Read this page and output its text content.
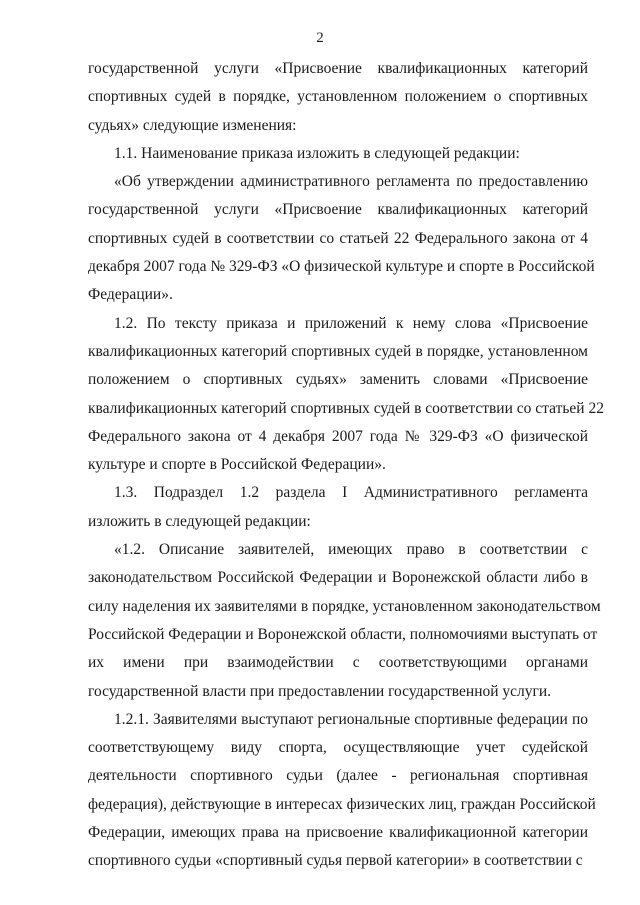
2
государственной услуги «Присвоение квалификационных категорий
спортивных судей в порядке, установленном положением о спортивных
судьях» следующие изменения:
1.1. Наименование приказа изложить в следующей редакции:
«Об утверждении административного регламента по предоставлению
государственной услуги «Присвоение квалификационных категорий
спортивных судей в соответствии со статьей 22 Федерального закона от 4
декабря 2007 года № 329-ФЗ «О физической культуре и спорте в Российской
Федерации».
1.2. По тексту приказа и приложений к нему слова «Присвоение
квалификационных категорий спортивных судей в порядке, установленном
положением о спортивных судьях» заменить словами «Присвоение
квалификационных категорий спортивных судей в соответствии со статьей 22
Федерального закона от 4 декабря 2007 года № 329-ФЗ «О физической
культуре и спорте в Российской Федерации».
1.3. Подраздел 1.2 раздела I Административного регламента
изложить в следующей редакции:
«1.2. Описание заявителей, имеющих право в соответствии с
законодательством Российской Федерации и Воронежской области либо в
силу наделения их заявителями в порядке, установленном законодательством
Российской Федерации и Воронежской области, полномочиями выступать от
их имени при взаимодействии с соответствующими органами
государственной власти при предоставлении государственной услуги.
1.2.1. Заявителями выступают региональные спортивные федерации по
соответствующему виду спорта, осуществляющие учет судейской
деятельности спортивного судьи (далее - региональная спортивная
федерация), действующие в интересах физических лиц, граждан Российской
Федерации, имеющих права на присвоение квалификационной категории
спортивного судьи «спортивный судья первой категории» в соответствии с
